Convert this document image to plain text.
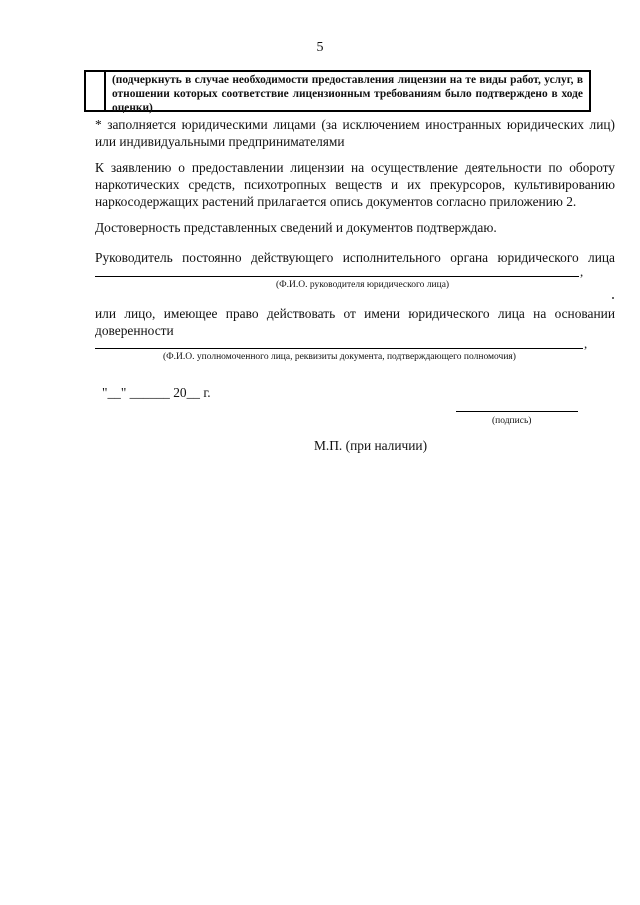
5
(подчеркнуть в случае необходимости предоставления лицензии на те виды работ, услуг, в отношении которых соответствие лицензионным требованиям было подтверждено в ходе оценки)
* заполняется юридическими лицами (за исключением иностранных юридических лиц) или индивидуальными предпринимателями
К заявлению о предоставлении лицензии на осуществление деятельности по обороту наркотических средств, психотропных веществ и их прекурсоров, культивированию наркосодержащих растений прилагается опись документов согласно приложению 2.
Достоверность представленных сведений и документов подтверждаю.
Руководитель постоянно действующего исполнительного органа юридического лица
,
(Ф.И.О. руководителя юридического лица)
или лицо, имеющее право действовать от имени юридического лица на основании доверенности
,
(Ф.И.О. уполномоченного лица, реквизиты документа, подтверждающего полномочия)
"__" ______ 20__ г.
(подпись)
М.П. (при наличии)
